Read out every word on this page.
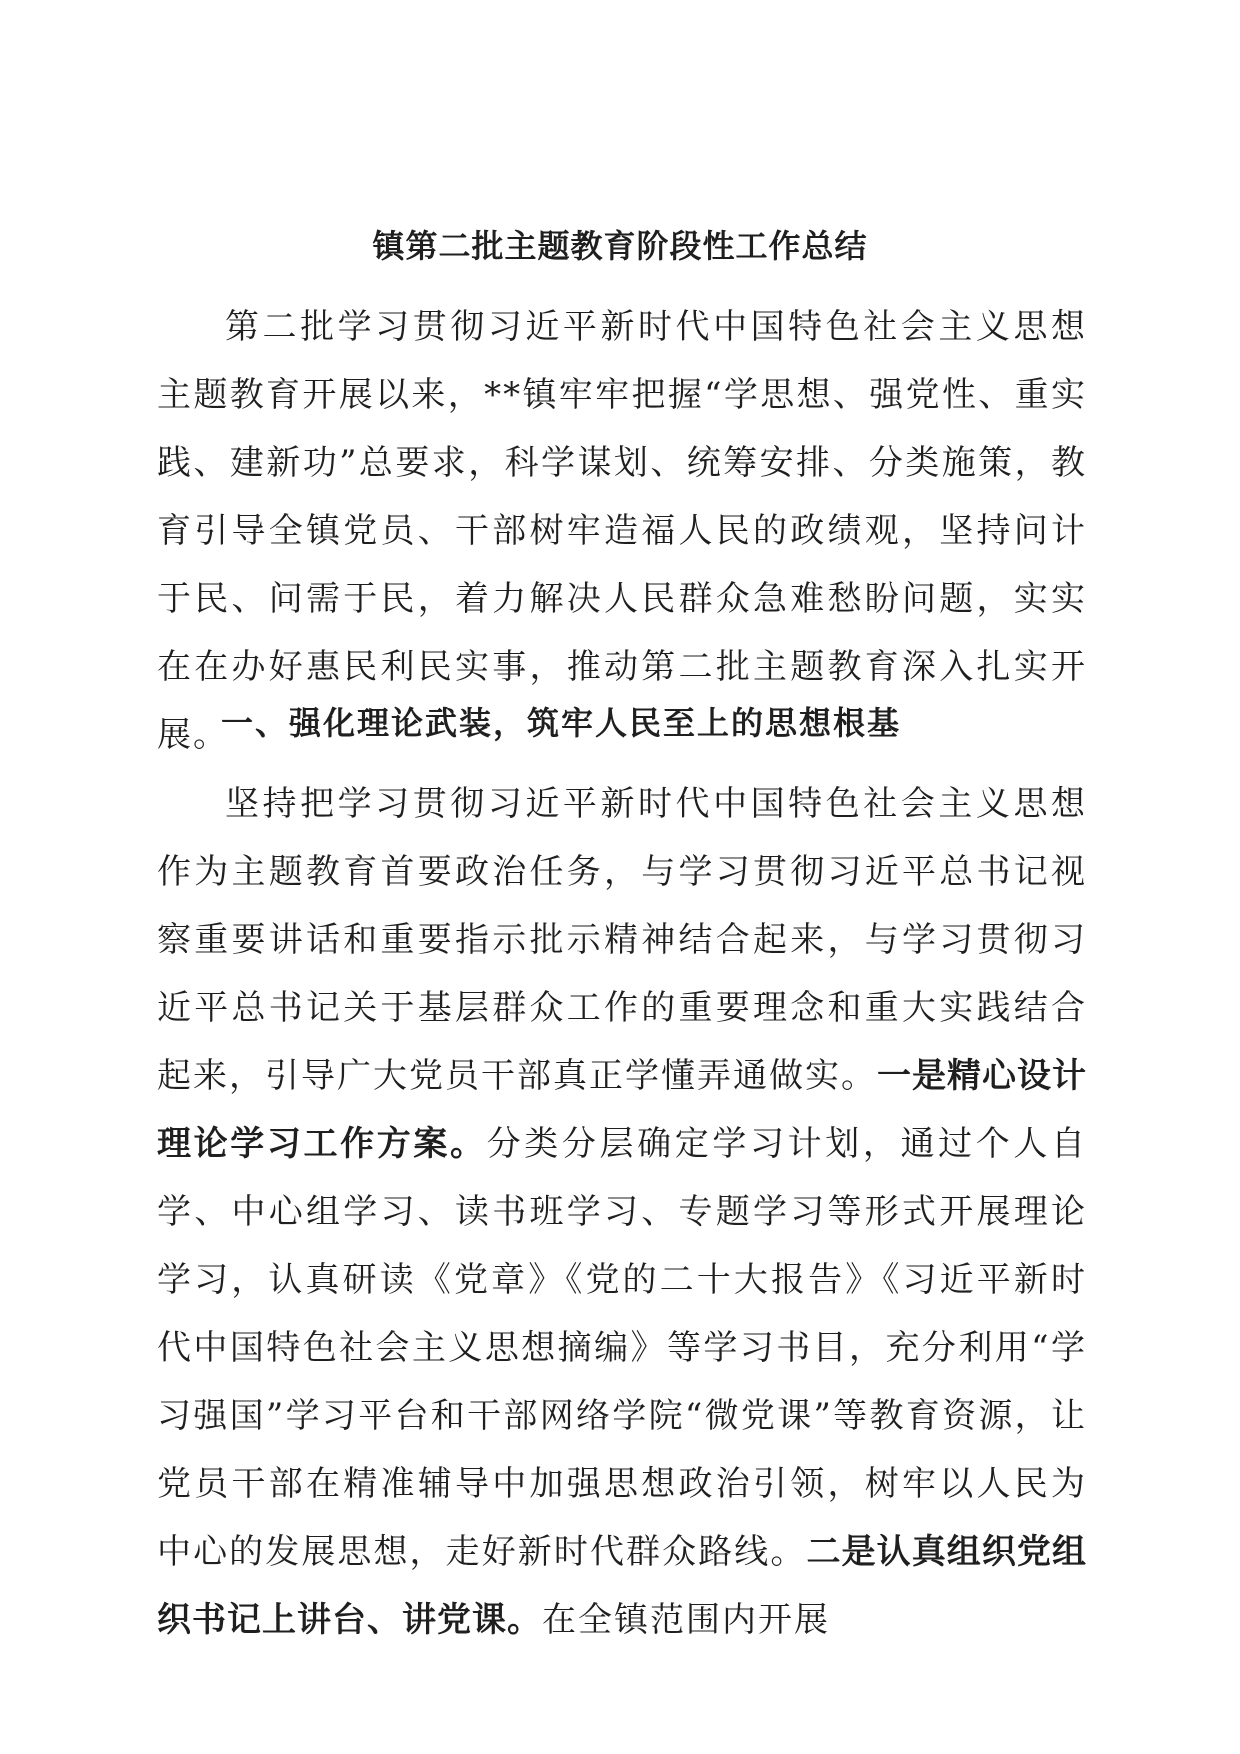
镇第二批主题教育阶段性工作总结

第二批学习贯彻习近平新时代中国特色社会主义思想主题教育开展以来，**镇牢牢把握“学思想、强党性、重实践、建新功”总要求，科学谋划、统筹安排、分类施策，教育引导全镇党员、干部树牢造福人民的政绩观，坚持问计于民、问需于民，着力解决人民群众急难愁盼问题，实实在在办好惠民利民实事，推动第二批主题教育深入扎实开展。

一、强化理论武装，筑牢人民至上的思想根基

坚持把学习贯彻习近平新时代中国特色社会主义思想作为主题教育首要政治任务，与学习贯彻习近平总书记视察重要讲话和重要指示批示精神结合起来，与学习贯彻习近平总书记关于基层群众工作的重要理念和重大实践结合起来，引导广大党员干部真正学懂弄通做实。一是精心设计理论学习工作方案。分类分层确定学习计划，通过个人自学、中心组学习、读书班学习、专题学习等形式开展理论学习，认真研读《党章》《党的二十大报告》《习近平新时代中国特色社会主义思想摘编》等学习书目，充分利用“学习强国”学习平台和干部网络学院“微党课”等教育资源，让党员干部在精准辅导中加强思想政治引领，树牢以人民为中心的发展思想，走好新时代群众路线。二是认真组织党组织书记上讲台、讲党课。在全镇范围内开展
